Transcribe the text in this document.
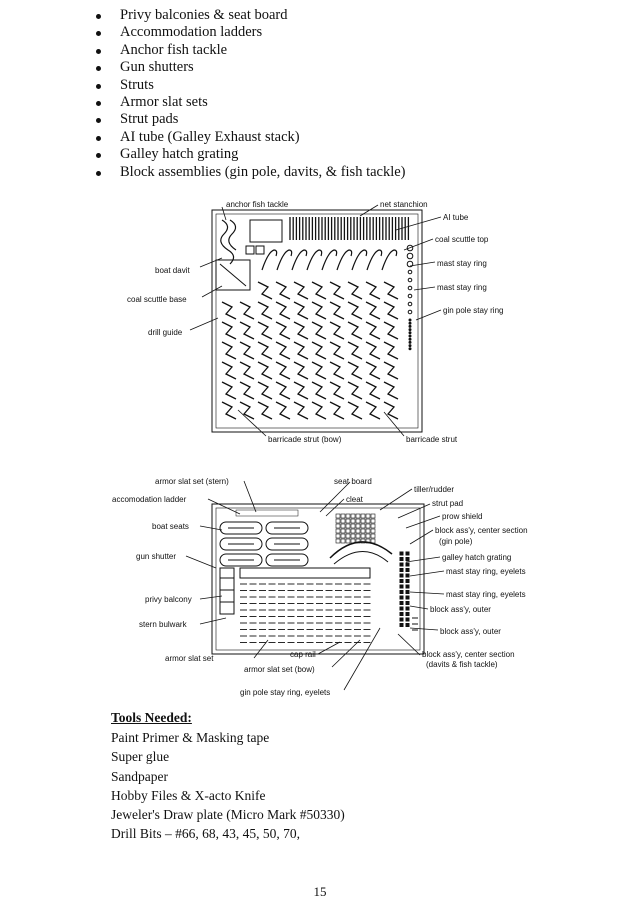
Privy balconies & seat board
Accommodation ladders
Anchor fish tackle
Gun shutters
Struts
Armor slat sets
Strut pads
AI tube (Galley Exhaust stack)
Galley hatch grating
Block assemblies (gin pole, davits, & fish tackle)
anchor fish tackle	net stanchion
AI tube
coal scuttle top
mast stay ring
mast stay ring
gin pole stay ring
boat davit
coal scuttle base
drill guide
barricade strut (bow)	barricade strut
armor slat set (stern)
accomodation ladder
boat seats
gun shutter
privy balcony
stern bulwark
armor slat set
seat board
cleat
tiller/rudder
strut pad
prow shield
block ass'y, center section
(gin pole)
galley hatch grating
mast stay ring, eyelets
mast stay ring, eyelets
block ass'y, outer
block ass'y, outer
cap rail
armor slat set (bow)
block ass'y, center section
(davits & fish tackle)
gin pole stay ring, eyelets
Tools Needed:
Paint Primer & Masking tape
Super glue
Sandpaper
Hobby Files & X-acto Knife
Jeweler's Draw plate (Micro Mark #50330)
Drill Bits – #66, 68, 43, 45, 50, 70,
15
